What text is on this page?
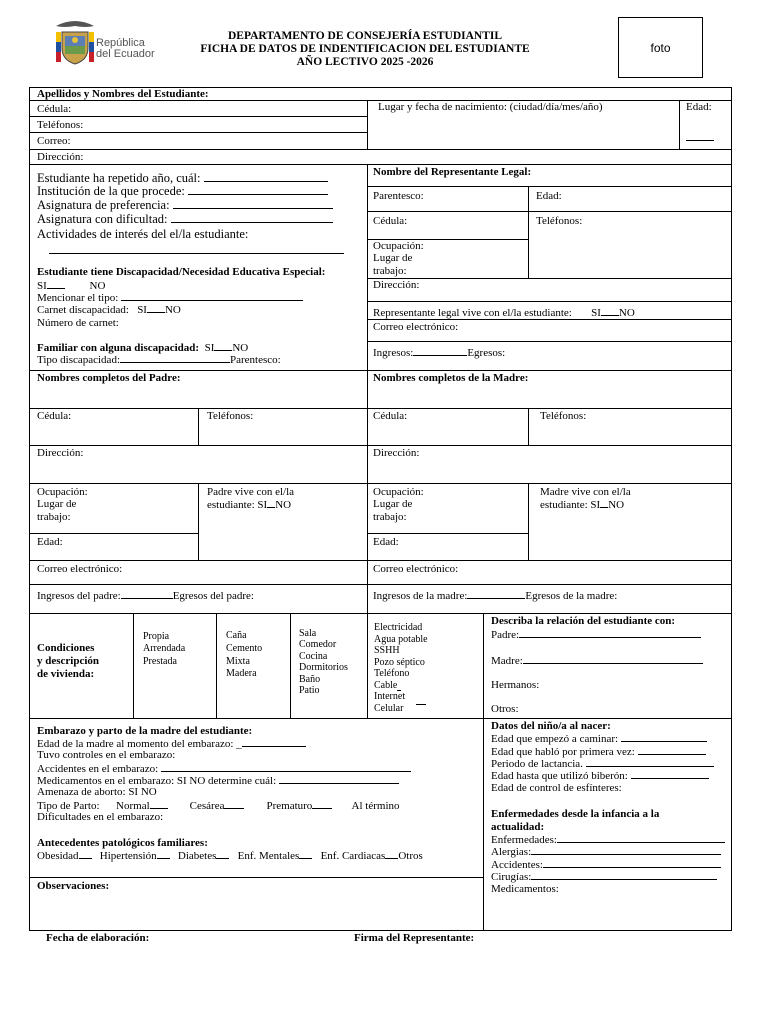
República
del Ecuador
DEPARTAMENTO DE CONSEJERÍA ESTUDIANTIL
FICHA DE DATOS DE INDENTIFICACION DEL ESTUDIANTE
AÑO LECTIVO 2025 -2026
foto
Apellidos y Nombres del Estudiante:
Cédula:
Teléfonos:
Correo:
Dirección:
Lugar y fecha de nacimiento: (ciudad/día/mes/año)	Edad:
Estudiante ha repetido año, cuál:
Institución de la que procede:
Asignatura de preferencia:
Asignatura con dificultad:
Actividades de interés del el/la estudiante:
Estudiante tiene Discapacidad/Necesidad Educativa Especial:
SI	NO
Mencionar el tipo:
Carnet discapacidad: SI NO
Número de carnet:
Familiar con alguna discapacidad: SI NO
Tipo discapacidad:	Parentesco:
Nombre del Representante Legal:
Parentesco:	Edad:
Cédula:	Teléfonos:
Ocupación:
Lugar de
trabajo:
Dirección:
Representante legal vive con el/la estudiante: SI NO
Correo electrónico:
Ingresos:	Egresos:
Nombres completos del Padre:
Cédula:	Teléfonos:
Dirección:
Ocupación:
Lugar de
trabajo:
Padre vive con el/la
estudiante: SI NO
Edad:
Correo electrónico:
Ingresos del padre:	Egresos del padre:
Nombres completos de la Madre:
Cédula:	Teléfonos:
Dirección:
Ocupación:
Lugar de
trabajo:
Madre vive con el/la
estudiante: SI NO
Edad:
Correo electrónico:
Ingresos de la madre:	Egresos de la madre:
Condiciones
y descripción
de vivienda:
Propia
Arrendada
Prestada
Caña
Cemento
Mixta
Madera
Sala
Comedor
Cocina
Dormitorios
Baño
Patio
Electricidad
Agua potable
SSHH
Pozo séptico
Teléfono
Cable
Internet
Celular
Describa la relación del estudiante con:
Padre:
Madre:
Hermanos:
Otros:
Embarazo y parto de la madre del estudiante:
Edad de la madre al momento del embarazo: _
Tuvo controles en el embarazo:
Accidentes en el embarazo:
Medicamentos en el embarazo: SI NO determine cuál:
Amenaza de aborto: SI NO
Tipo de Parto: Normal	Cesárea	Prematuro	Al término
Dificultades en el embarazo:
Antecedentes patológicos familiares:
Obesidad Hipertensión Diabetes Enf. Mentales Enf. Cardiacas Otros
Observaciones:
Datos del niño/a al nacer:
Edad que empezó a caminar:
Edad que habló por primera vez:
Periodo de lactancia.
Edad hasta que utilizó biberón:
Edad de control de esfínteres:
Enfermedades desde la infancia a la
actualidad:
Enfermedades:
Alergias:
Accidentes:
Cirugías:
Medicamentos:
Fecha de elaboración:	Firma del Representante:
